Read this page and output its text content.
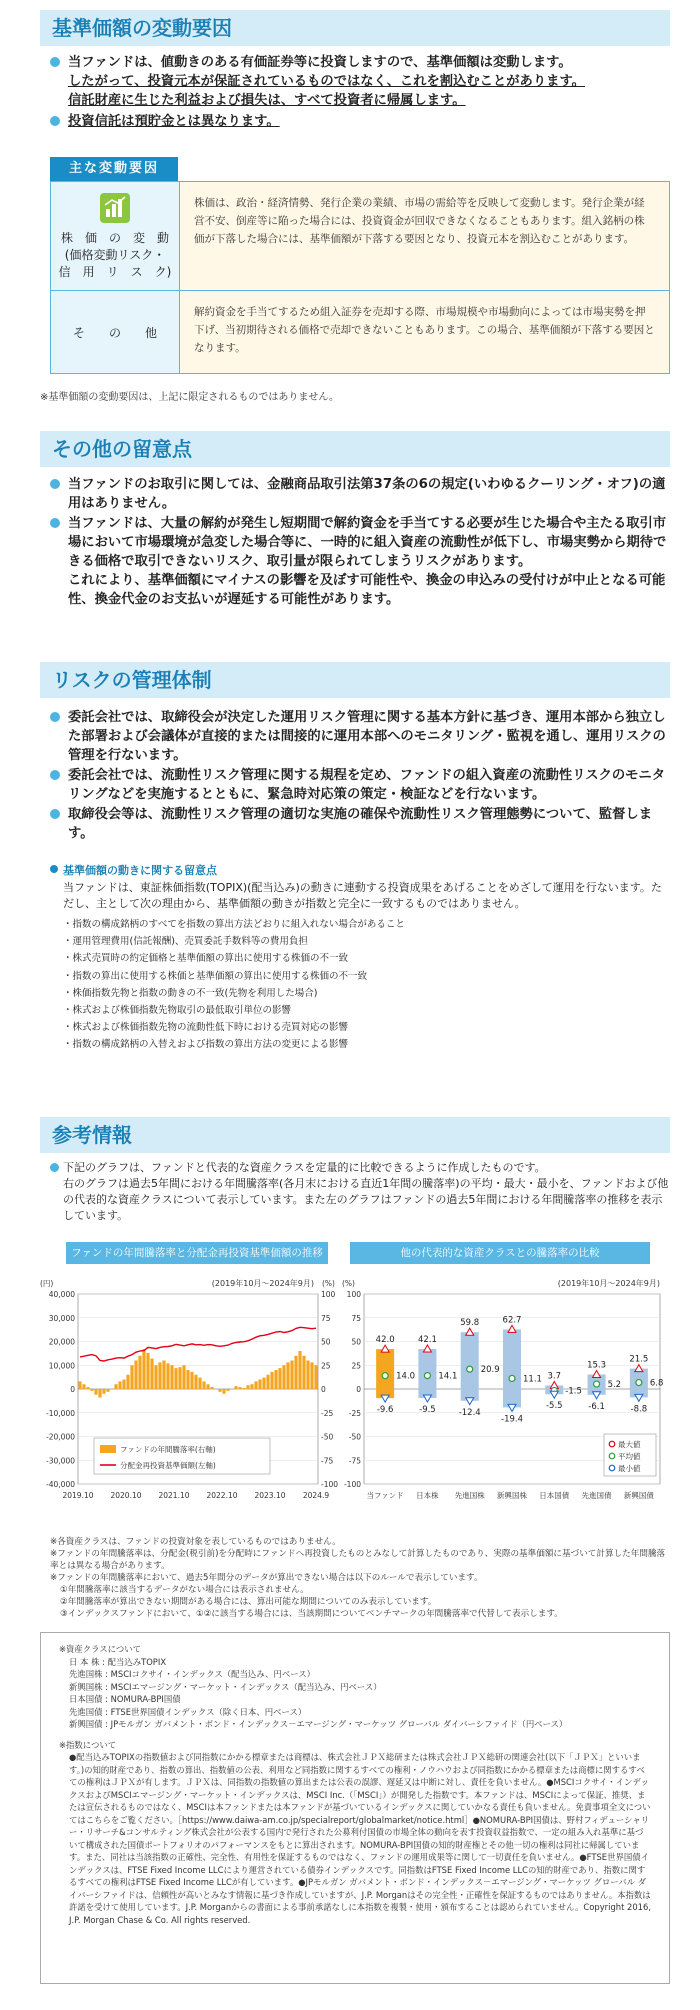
基準価額の変動要因
当ファンドは、値動きのある有価証券等に投資しますので、基準価額は変動します。
したがって、投資元本が保証されているものではなく、これを割込むことがあります。
信託財産に生じた利益および損失は、すべて投資者に帰属します。
投資信託は預貯金とは異なります。
主な変動要因
株　価　の　変　動
(価格変動リスク・
信　用　リ　ス　ク)
株価は、政治・経済情勢、発行企業の業績、市場の需給等を反映して変動します。発行企業が経営不安、倒産等に陥った場合には、投資資金が回収できなくなることもあります。組入銘柄の株価が下落した場合には、基準価額が下落する要因となり、投資元本を割込むことがあります。
そ　　の　　他
解約資金を手当てするため組入証券を売却する際、市場規模や市場動向によっては市場実勢を押下げ、当初期待される価格で売却できないこともあります。この場合、基準価額が下落する要因となります。
※基準価額の変動要因は、上記に限定されるものではありません。
その他の留意点
当ファンドのお取引に関しては、金融商品取引法第37条の6の規定(いわゆるクーリング・オフ)の適用はありません。
当ファンドは、大量の解約が発生し短期間で解約資金を手当てする必要が生じた場合や主たる取引市場において市場環境が急変した場合等に、一時的に組入資産の流動性が低下し、市場実勢から期待できる価格で取引できないリスク、取引量が限られてしまうリスクがあります。
これにより、基準価額にマイナスの影響を及ぼす可能性や、換金の申込みの受付けが中止となる可能性、換金代金のお支払いが遅延する可能性があります。
リスクの管理体制
委託会社では、取締役会が決定した運用リスク管理に関する基本方針に基づき、運用本部から独立した部署および会議体が直接的または間接的に運用本部へのモニタリング・監視を通し、運用リスクの管理を行ないます。
委託会社では、流動性リスク管理に関する規程を定め、ファンドの組入資産の流動性リスクのモニタリングなどを実施するとともに、緊急時対応策の策定・検証などを行ないます。
取締役会等は、流動性リスク管理の適切な実施の確保や流動性リスク管理態勢について、監督します。
基準価額の動きに関する留意点
当ファンドは、東証株価指数(TOPIX)(配当込み)の動きに連動する投資成果をあげることをめざして運用を行ないます。ただし、主として次の理由から、基準価額の動きが指数と完全に一致するものではありません。
・指数の構成銘柄のすべてを指数の算出方法どおりに組入れない場合があること
・運用管理費用(信託報酬)、売買委託手数料等の費用負担
・株式売買時の約定価格と基準価額の算出に使用する株価の不一致
・指数の算出に使用する株価と基準価額の算出に使用する株価の不一致
・株価指数先物と指数の動きの不一致(先物を利用した場合)
・株式および株価指数先物取引の最低取引単位の影響
・株式および株価指数先物の流動性低下時における売買対応の影響
・指数の構成銘柄の入替えおよび指数の算出方法の変更による影響
参考情報
下記のグラフは、ファンドと代表的な資産クラスを定量的に比較できるように作成したものです。
右のグラフは過去5年間における年間騰落率(各月末における直近1年間の騰落率)の平均・最大・最小を、ファンドおよび他の代表的な資産クラスについて表示しています。また左のグラフはファンドの過去5年間における年間騰落率の推移を表示しています。
ファンドの年間騰落率と分配金再投資基準価額の推移	他の代表的な資産クラスとの騰落率の比較
(円)	(%)
(2019年10月〜2024年9月)
40,000	100
30,000	75
20,000	50
10,000	25
0	0
-10,000	-25
-20,000	-50
-30,000	-75
-40,000	-100
2019.10 2020.10 2021.10 2022.10 2023.10 2024.9
ファンドの年間騰落率(右軸)
分配金再投資基準価額(左軸)
(%)	(2019年10月〜2024年9月)
100
75
50
25
0
-25
-50
-75
-100
42.0
14.0
-9.6
当ファンド
42.1
14.1
-9.5
日本株
59.8
20.9
-12.4
先進国株
62.7
11.1
-19.4
新興国株
3.7
-1.5
-5.5
日本国債
15.3
5.2
-6.1
先進国債
21.5
6.8
-8.8
新興国債
最大値
平均値
最小値
※各資産クラスは、ファンドの投資対象を表しているものではありません。
※ファンドの年間騰落率は、分配金(税引前)を分配時にファンドへ再投資したものとみなして計算したものであり、実際の基準価額に基づいて計算した年間騰落率とは異なる場合があります。
※ファンドの年間騰落率において、過去5年間分のデータが算出できない場合は以下のルールで表示しています。
①年間騰落率に該当するデータがない場合には表示されません。
②年間騰落率が算出できない期間がある場合には、算出可能な期間についてのみ表示しています。
③インデックスファンドにおいて、①②に該当する場合には、当該期間についてベンチマークの年間騰落率で代替して表示します。
※資産クラスについて
日 本 株 : 配当込みTOPIX
先進国株 : MSCIコクサイ・インデックス（配当込み、円ベース）
新興国株 : MSCIエマージング・マーケット・インデックス（配当込み、円ベース）
日本国債 : NOMURA-BPI国債
先進国債 : FTSE世界国債インデックス（除く日本、円ベース）
新興国債 : JPモルガン ガバメント・ボンド・インデックス－エマージング・マーケッツ グローバル ダイバーシファイド（円ベース）
※指数について
●配当込みTOPIXの指数値および同指数にかかる標章または商標は、株式会社ＪＰＸ総研または株式会社ＪＰＸ総研の関連会社(以下「ＪＰＸ」といいます。)の知的財産であり、指数の算出、指数値の公表、利用など同指数に関するすべての権利・ノウハウおよび同指数にかかる標章または商標に関するすべての権利はＪＰＸが有します。ＪＰＸは、同指数の指数値の算出または公表の誤謬、遅延又は中断に対し、責任を負いません。●MSCIコクサイ・インデックスおよびMSCIエマージング・マーケット・インデックスは、MSCI Inc.（「MSCI」）が開発した指数です。本ファンドは、MSCIによって保証、推奨、または宣伝されるものではなく、MSCIは本ファンドまたは本ファンドが基づいているインデックスに関していかなる責任も負いません。免責事項全文についてはこちらをご覧ください。［https://www.daiwa-am.co.jp/specialreport/globalmarket/notice.html］●NOMURA-BPI国債は、野村フィデューシャリー・リサーチ&コンサルティング株式会社が公表する国内で発行された公募利付国債の市場全体の動向を表す投資収益指数で、一定の組み入れ基準に基づいて構成された国債ポートフォリオのパフォーマンスをもとに算出されます。NOMURA-BPI国債の知的財産権とその他一切の権利は同社に帰属しています。また、同社は当該指数の正確性、完全性、有用性を保証するものではなく、ファンドの運用成果等に関して一切責任を負いません。●FTSE世界国債インデックスは、FTSE Fixed Income LLCにより運営されている債券インデックスです。同指数はFTSE Fixed Income LLCの知的財産であり、指数に関するすべての権利はFTSE Fixed Income LLCが有しています。●JPモルガン ガバメント・ボンド・インデックス－エマージング・マーケッツ グローバル ダイバーシファイドは、信頼性が高いとみなす情報に基づき作成していますが、J.P. Morganはその完全性・正確性を保証するものではありません。本指数は許諾を受けて使用しています。J.P. Morganからの書面による事前承諾なしに本指数を複製・使用・頒布することは認められていません。Copyright 2016, J.P. Morgan Chase & Co. All rights reserved.
